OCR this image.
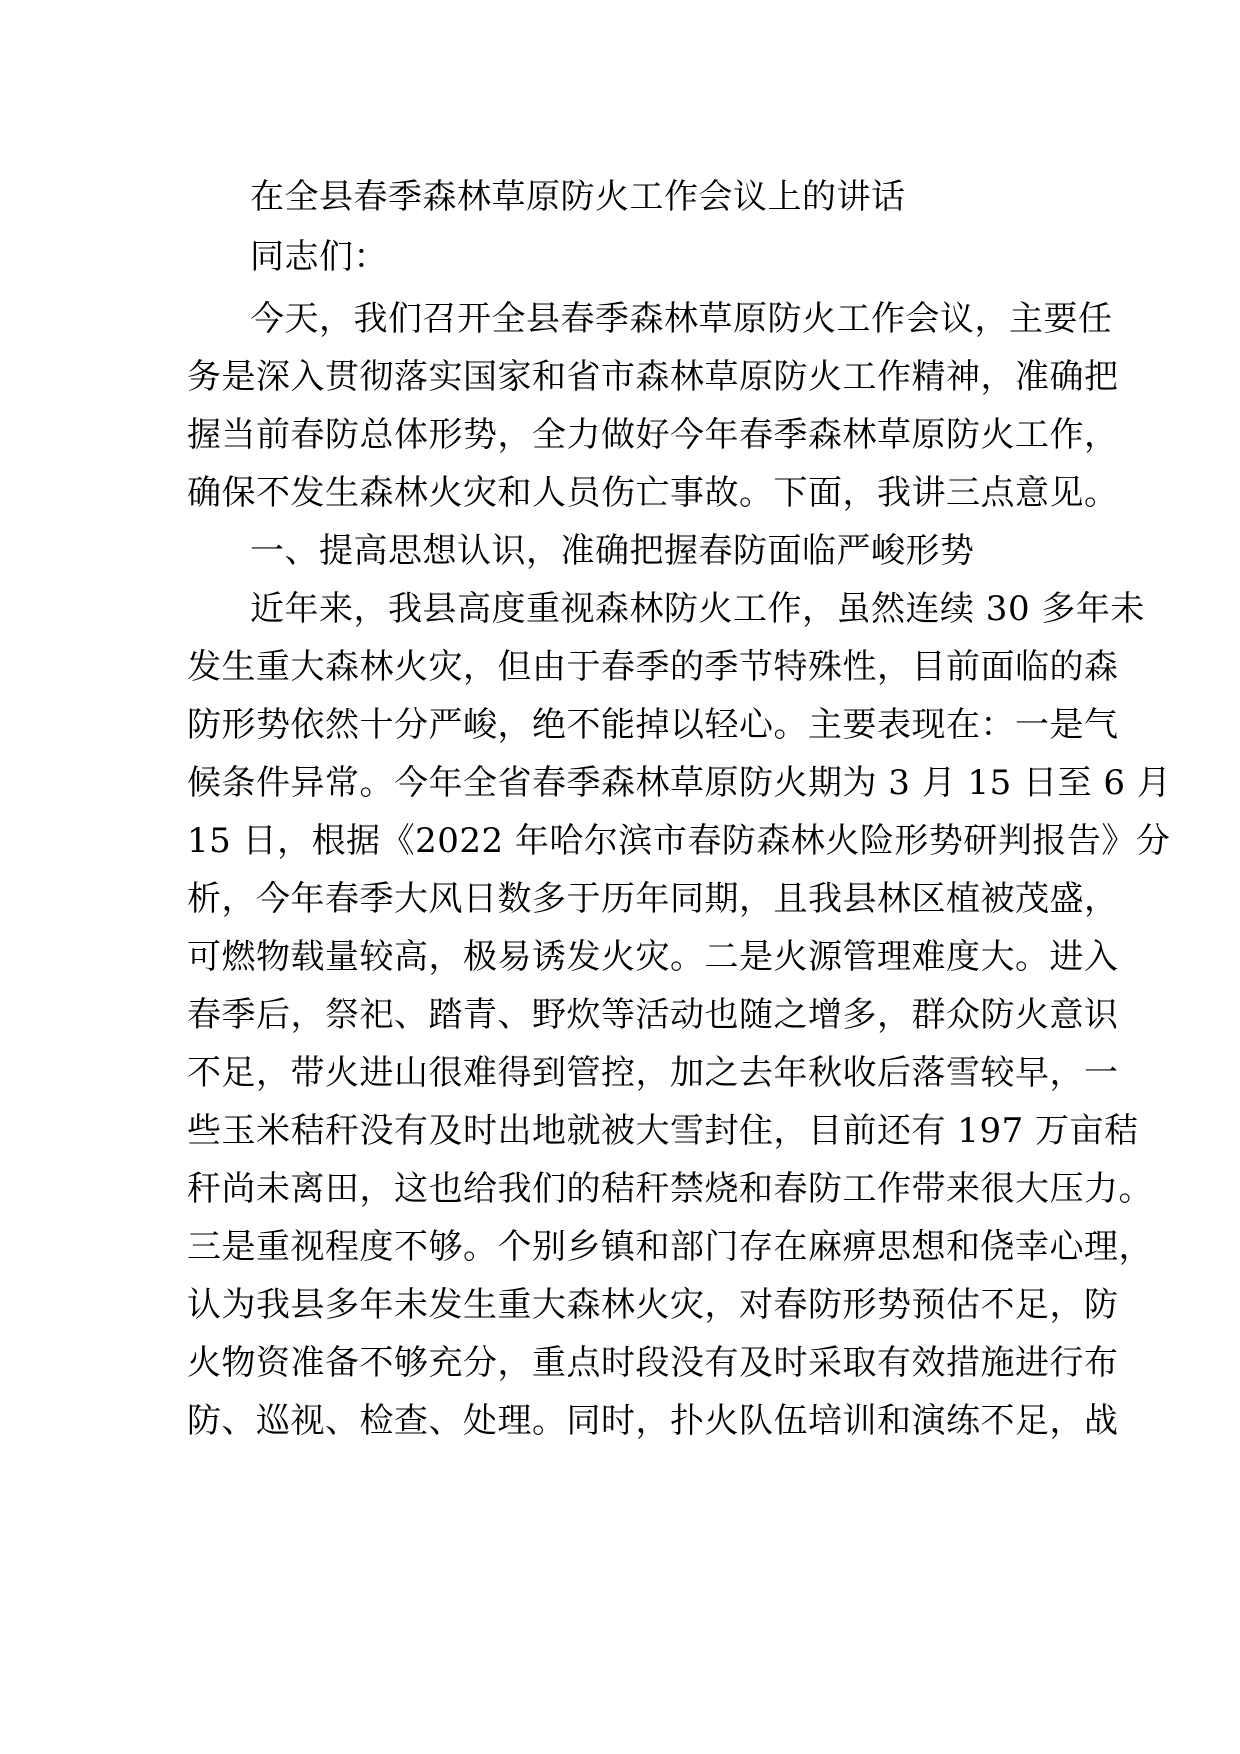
在全县春季森林草原防火工作会议上的讲话
同志们：
今天，我们召开全县春季森林草原防火工作会议，主要任
务是深入贯彻落实国家和省市森林草原防火工作精神，准确把
握当前春防总体形势，全力做好今年春季森林草原防火工作，
确保不发生森林火灾和人员伤亡事故。下面，我讲三点意见。
一、提高思想认识，准确把握春防面临严峻形势
近年来，我县高度重视森林防火工作，虽然连续 30 多年未
发生重大森林火灾，但由于春季的季节特殊性，目前面临的森
防形势依然十分严峻，绝不能掉以轻心。主要表现在：一是气
候条件异常。今年全省春季森林草原防火期为 3 月 15 日至 6 月
15 日，根据《2022 年哈尔滨市春防森林火险形势研判报告》分
析，今年春季大风日数多于历年同期，且我县林区植被茂盛，
可燃物载量较高，极易诱发火灾。二是火源管理难度大。进入
春季后，祭祀、踏青、野炊等活动也随之增多，群众防火意识
不足，带火进山很难得到管控，加之去年秋收后落雪较早，一
些玉米秸秆没有及时出地就被大雪封住，目前还有 197 万亩秸
秆尚未离田，这也给我们的秸秆禁烧和春防工作带来很大压力。
三是重视程度不够。个别乡镇和部门存在麻痹思想和侥幸心理，
认为我县多年未发生重大森林火灾，对春防形势预估不足，防
火物资准备不够充分，重点时段没有及时采取有效措施进行布
防、巡视、检查、处理。同时，扑火队伍培训和演练不足，战
